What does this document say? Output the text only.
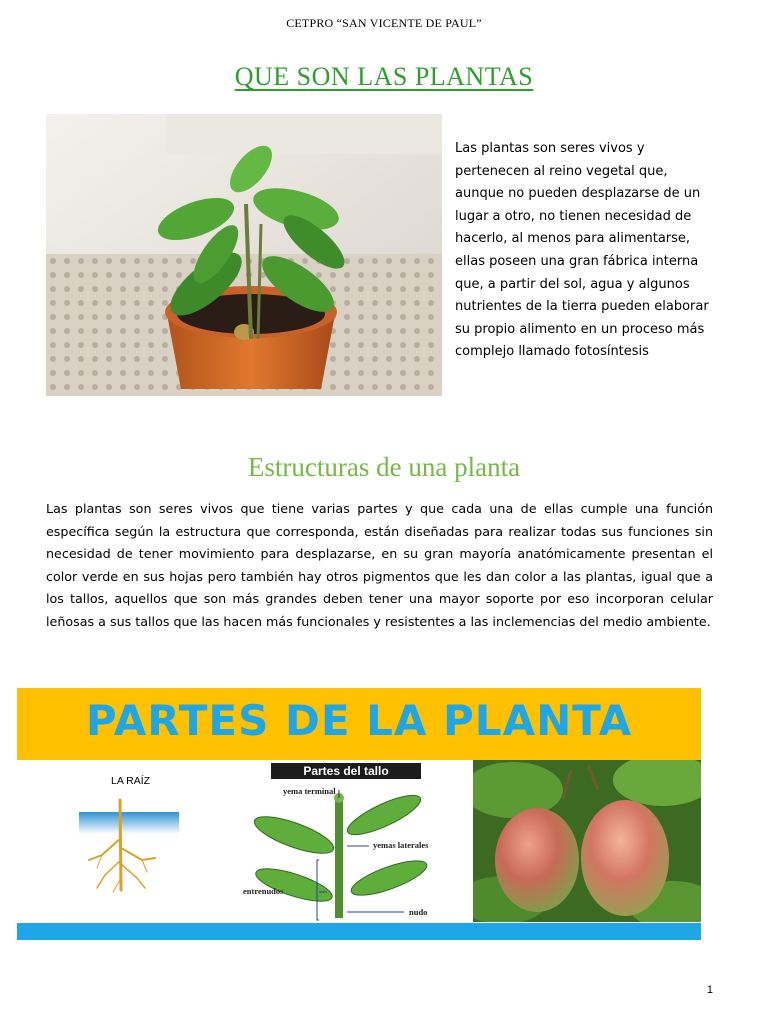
CETPRO “SAN VICENTE DE PAUL”
QUE SON LAS PLANTAS
Las plantas son seres vivos y pertenecen al reino vegetal que, aunque no pueden desplazarse de un lugar a otro, no tienen necesidad de hacerlo, al menos para alimentarse, ellas poseen una gran fábrica interna que, a partir del sol, agua y algunos nutrientes de la tierra pueden elaborar su propio alimento en un proceso más complejo llamado fotosíntesis
Estructuras de una planta
Las plantas son seres vivos que tiene varias partes y que cada una de ellas cumple una función específica según la estructura que corresponda, están diseñadas para realizar todas sus funciones sin necesidad de tener movimiento para desplazarse, en su gran mayoría anatómicamente presentan el color verde en sus hojas pero también hay otros pigmentos que les dan color a las plantas, igual que a los tallos, aquellos que son más grandes deben tener una mayor soporte por eso incorporan celular leñosas a sus tallos que las hacen más funcionales y resistentes a las inclemencias del medio ambiente.
PARTES DE LA PLANTA
LA RAÍZ
Partes del tallo
yema terminal
yemas laterales
entrenudos
nudo
1
